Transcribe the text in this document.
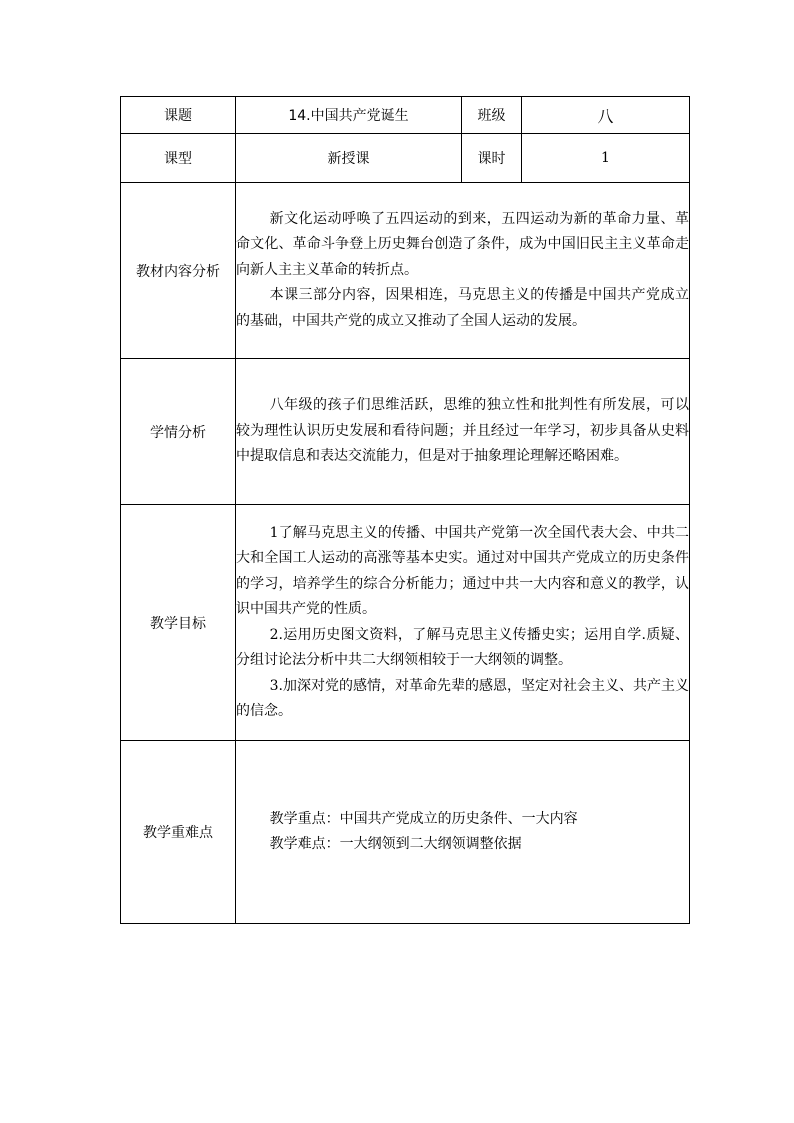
课题	14.中国共产党诞生	班级	八
课型	新授课	课时	1
教材内容分析	新文化运动呼唤了五四运动的到来，五四运动为新的革命力量、革命文化、革命斗争登上历史舞台创造了条件，成为中国旧民主主义革命走向新人主主义革命的转折点。

本课三部分内容，因果相连，马克思主义的传播是中国共产党成立的基础，中国共产党的成立又推动了全国人运动的发展。		

学情分析	八年级的孩子们思维活跃，思维的独立性和批判性有所发展，可以较为理性认识历史发展和看待问题；并且经过一年学习，初步具备从史料中提取信息和表达交流能力，但是对于抽象理论理解还略困难。		

教学目标	1了解马克思主义的传播、中国共产党第一次全国代表大会、中共二大和全国工人运动的高涨等基本史实。通过对中国共产党成立的历史条件的学习，培养学生的综合分析能力；通过中共一大内容和意义的教学，认识中国共产党的性质。

2.运用历史图文资料，了解马克思主义传播史实；运用自学.质疑、分组讨论法分析中共二大纲领相较于一大纲领的调整。

3.加深对党的感情，对革命先辈的感恩，坚定对社会主义、共产主义的信念。		

教学重难点	教学重点：中国共产党成立的历史条件、一大内容

教学难点：一大纲领到二大纲领调整依据		
